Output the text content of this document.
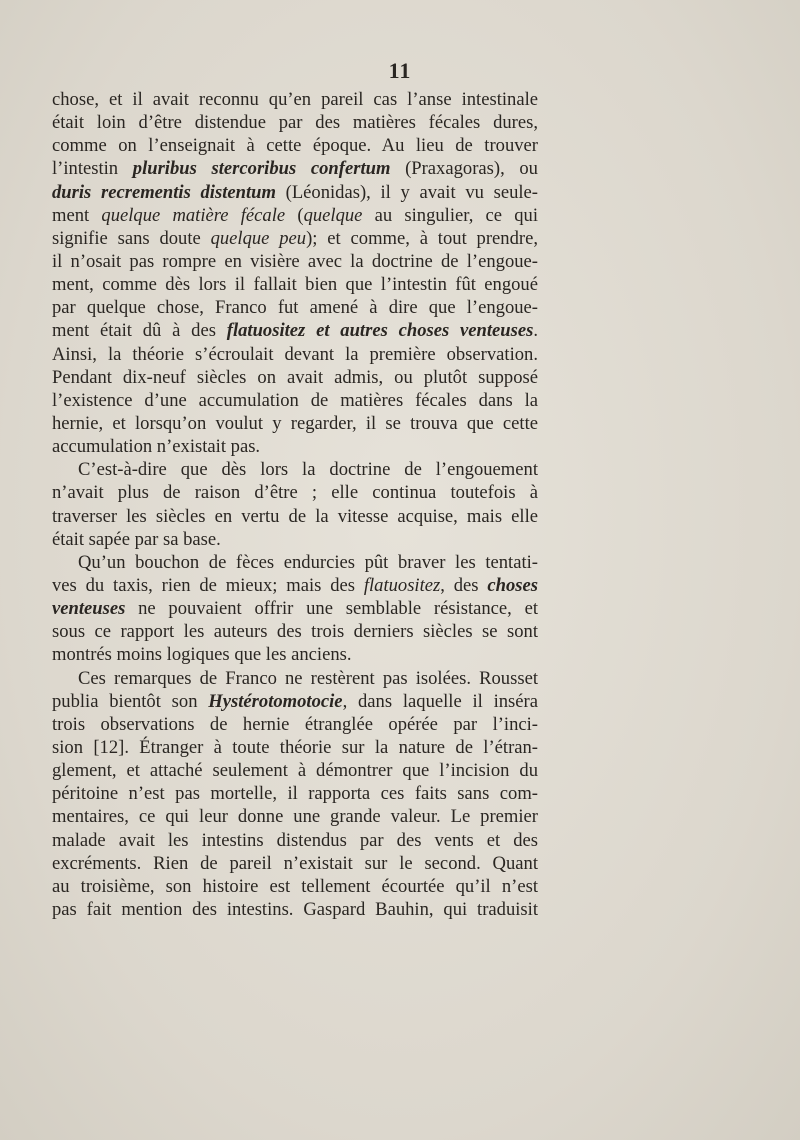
11
chose, et il avait reconnu qu’en pareil cas l’anse intestinale
était loin d’être distendue par des matières fécales dures,
comme on l’enseignait à cette époque. Au lieu de trouver
l’intestin pluribus stercoribus confertum (Praxagoras), ou
duris recrementis distentum (Léonidas), il y avait vu seule-
ment quelque matière fécale (quelque au singulier, ce qui
signifie sans doute quelque peu); et comme, à tout prendre,
il n’osait pas rompre en visière avec la doctrine de l’engoue-
ment, comme dès lors il fallait bien que l’intestin fût engoué
par quelque chose, Franco fut amené à dire que l’engoue-
ment était dû à des flatuositez et autres choses venteuses.
Ainsi, la théorie s’écroulait devant la première observation.
Pendant dix-neuf siècles on avait admis, ou plutôt supposé
l’existence d’une accumulation de matières fécales dans la
hernie, et lorsqu’on voulut y regarder, il se trouva que cette
accumulation n’existait pas.
C’est-à-dire que dès lors la doctrine de l’engouement
n’avait plus de raison d’être ; elle continua toutefois à
traverser les siècles en vertu de la vitesse acquise, mais elle
était sapée par sa base.
Qu’un bouchon de fèces endurcies pût braver les tentati-
ves du taxis, rien de mieux; mais des flatuositez, des choses
venteuses ne pouvaient offrir une semblable résistance, et
sous ce rapport les auteurs des trois derniers siècles se sont
montrés moins logiques que les anciens.
Ces remarques de Franco ne restèrent pas isolées. Rousset
publia bientôt son Hystérotomotocie, dans laquelle il inséra
trois observations de hernie étranglée opérée par l’inci-
sion [12]. Étranger à toute théorie sur la nature de l’étran-
glement, et attaché seulement à démontrer que l’incision du
péritoine n’est pas mortelle, il rapporta ces faits sans com-
mentaires, ce qui leur donne une grande valeur. Le premier
malade avait les intestins distendus par des vents et des
excréments. Rien de pareil n’existait sur le second. Quant
au troisième, son histoire est tellement écourtée qu’il n’est
pas fait mention des intestins. Gaspard Bauhin, qui traduisit
